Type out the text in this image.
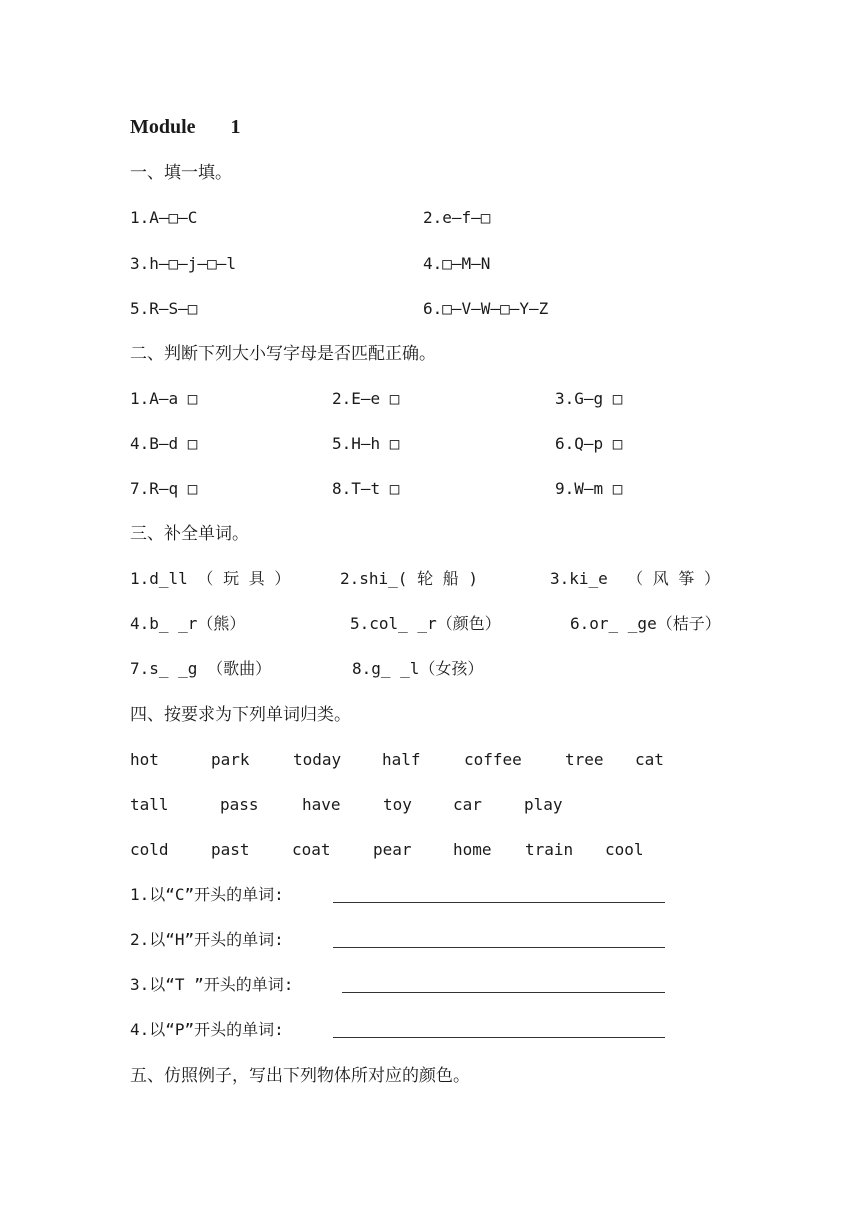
Module       1
一、填一填。
1.A—□—C	2.e—f—□
3.h—□—j—□—l	4.□—M—N
5.R—S—□	6.□—V—W—□—Y—Z
二、判断下列大小写字母是否匹配正确。
1.A—a □	2.E—e □	3.G—g □
4.B—d □	5.H—h □	6.Q—p □
7.R—q □	8.T—t □	9.W—m □
三、补全单词。
1.d_ll （ 玩 具 ）	2.shi_( 轮 船 )	3.ki_e  （ 风 筝 ）
4.b_ _r（熊）	5.col_ _r（颜色）	6.or_ _ge（桔子）
7.s_ _g （歌曲）	8.g_ _l（女孩）
四、按要求为下列单词归类。
hot	park	today	half	coffee	tree cat
tall	pass	have	toy	car	play
cold	past	coat	pear	home train cool
1.以“C”开头的单词:
2.以“H”开头的单词:
3.以“T ”开头的单词:
4.以“P”开头的单词:
五、仿照例子，写出下列物体所对应的颜色。
